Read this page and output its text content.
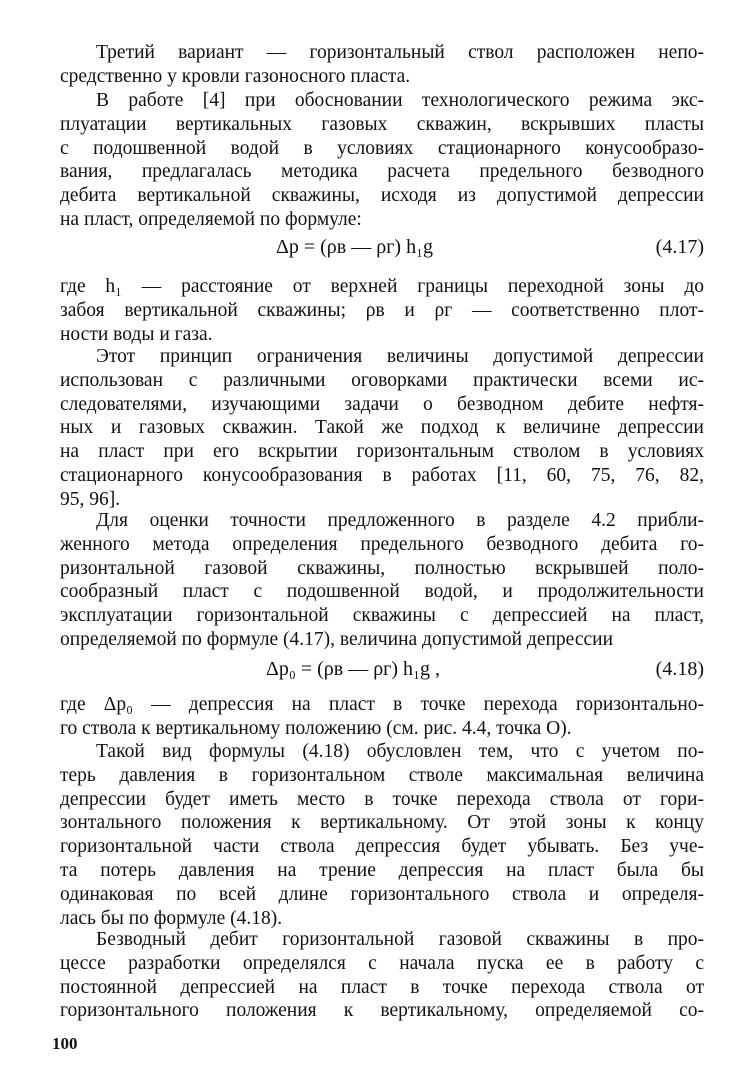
Третий вариант — горизонтальный ствол расположен непо-
средственно у кровли газоносного пласта.
В работе [4] при обосновании технологического режима экс-
плуатации вертикальных газовых скважин, вскрывших пласты
с подошвенной водой в условиях стационарного конусообразо-
вания, предлагалась методика расчета предельного безводного
дебита вертикальной скважины, исходя из допустимой депрессии
на пласт, определяемой по формуле:
Δp = (ρв — ρг) h₁g	(4.17)
где h₁ — расстояние от верхней границы переходной зоны до
забоя вертикальной скважины; ρв и ρг — соответственно плот-
ности воды и газа.
Этот принцип ограничения величины допустимой депрессии
использован с различными оговорками практически всеми ис-
следователями, изучающими задачи о безводном дебите нефтя-
ных и газовых скважин. Такой же подход к величине депрессии
на пласт при его вскрытии горизонтальным стволом в условиях
стационарного конусообразования в работах [11, 60, 75, 76, 82,
95, 96].
Для оценки точности предложенного в разделе 4.2 прибли-
женного метода определения предельного безводного дебита го-
ризонтальной газовой скважины, полностью вскрывшей поло-
сообразный пласт с подошвенной водой, и продолжительности
эксплуатации горизонтальной скважины с депрессией на пласт,
определяемой по формуле (4.17), величина допустимой депрессии
Δp₀ = (ρв — ρг) h₁g ,	(4.18)
где Δp₀ — депрессия на пласт в точке перехода горизонтально-
го ствола к вертикальному положению (см. рис. 4.4, точка O).
Такой вид формулы (4.18) обусловлен тем, что с учетом по-
терь давления в горизонтальном стволе максимальная величина
депрессии будет иметь место в точке перехода ствола от гори-
зонтального положения к вертикальному. От этой зоны к концу
горизонтальной части ствола депрессия будет убывать. Без уче-
та потерь давления на трение депрессия на пласт была бы
одинаковая по всей длине горизонтального ствола и определя-
лась бы по формуле (4.18).
Безводный дебит горизонтальной газовой скважины в про-
цессе разработки определялся с начала пуска ее в работу с
постоянной депрессией на пласт в точке перехода ствола от
горизонтального положения к вертикальному, определяемой со-
100
